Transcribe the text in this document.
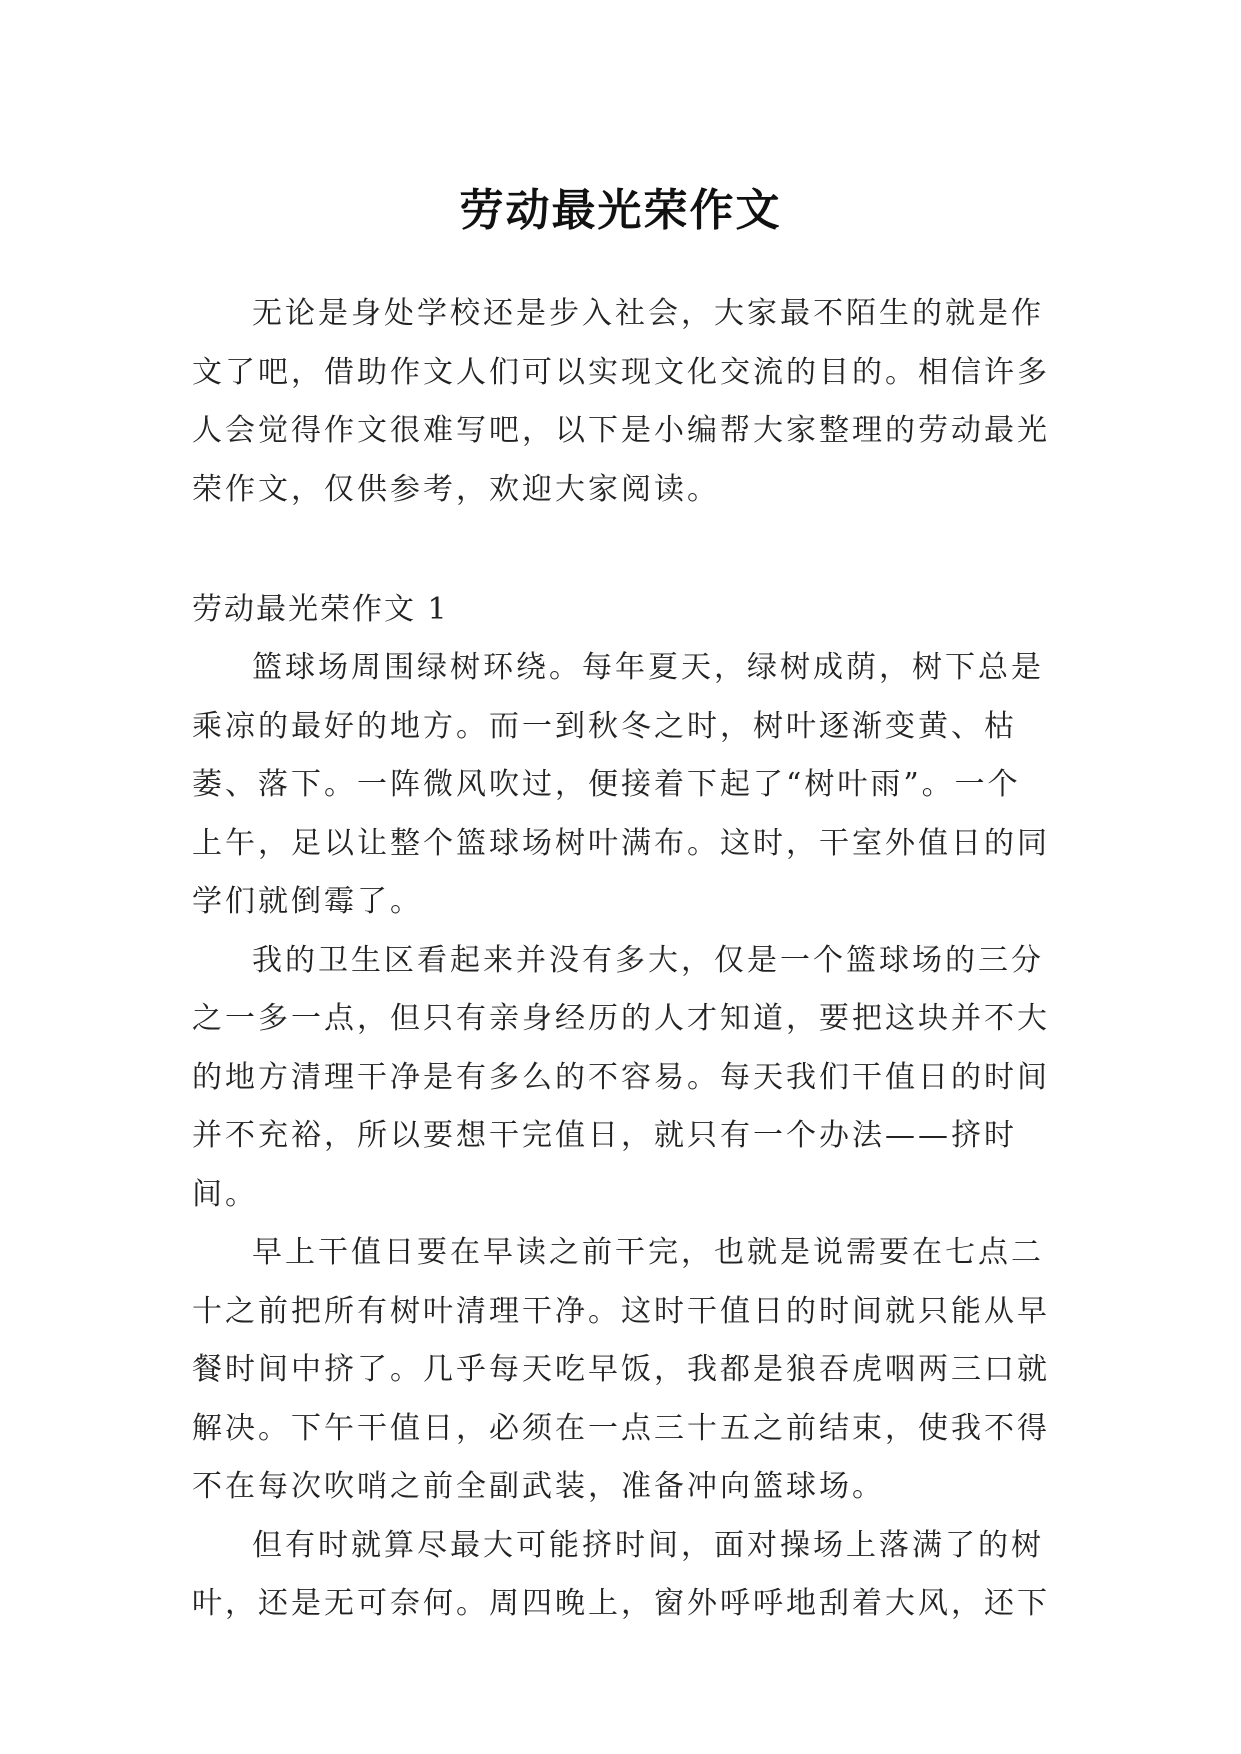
劳动最光荣作文

无论是身处学校还是步入社会，大家最不陌生的就是作文了吧，借助作文人们可以实现文化交流的目的。相信许多人会觉得作文很难写吧，以下是小编帮大家整理的劳动最光荣作文，仅供参考，欢迎大家阅读。

劳动最光荣作文 1

篮球场周围绿树环绕。每年夏天，绿树成荫，树下总是乘凉的最好的地方。而一到秋冬之时，树叶逐渐变黄、枯萎、落下。一阵微风吹过，便接着下起了“树叶雨”。一个上午，足以让整个篮球场树叶满布。这时，干室外值日的同学们就倒霉了。

我的卫生区看起来并没有多大，仅是一个篮球场的三分之一多一点，但只有亲身经历的人才知道，要把这块并不大的地方清理干净是有多么的不容易。每天我们干值日的时间并不充裕，所以要想干完值日，就只有一个办法——挤时间。

早上干值日要在早读之前干完，也就是说需要在七点二十之前把所有树叶清理干净。这时干值日的时间就只能从早餐时间中挤了。几乎每天吃早饭，我都是狼吞虎咽两三口就解决。下午干值日，必须在一点三十五之前结束，使我不得不在每次吹哨之前全副武装，准备冲向篮球场。

但有时就算尽最大可能挤时间，面对操场上落满了的树叶，还是无可奈何。周四晚上，窗外呼呼地刮着大风，还下
